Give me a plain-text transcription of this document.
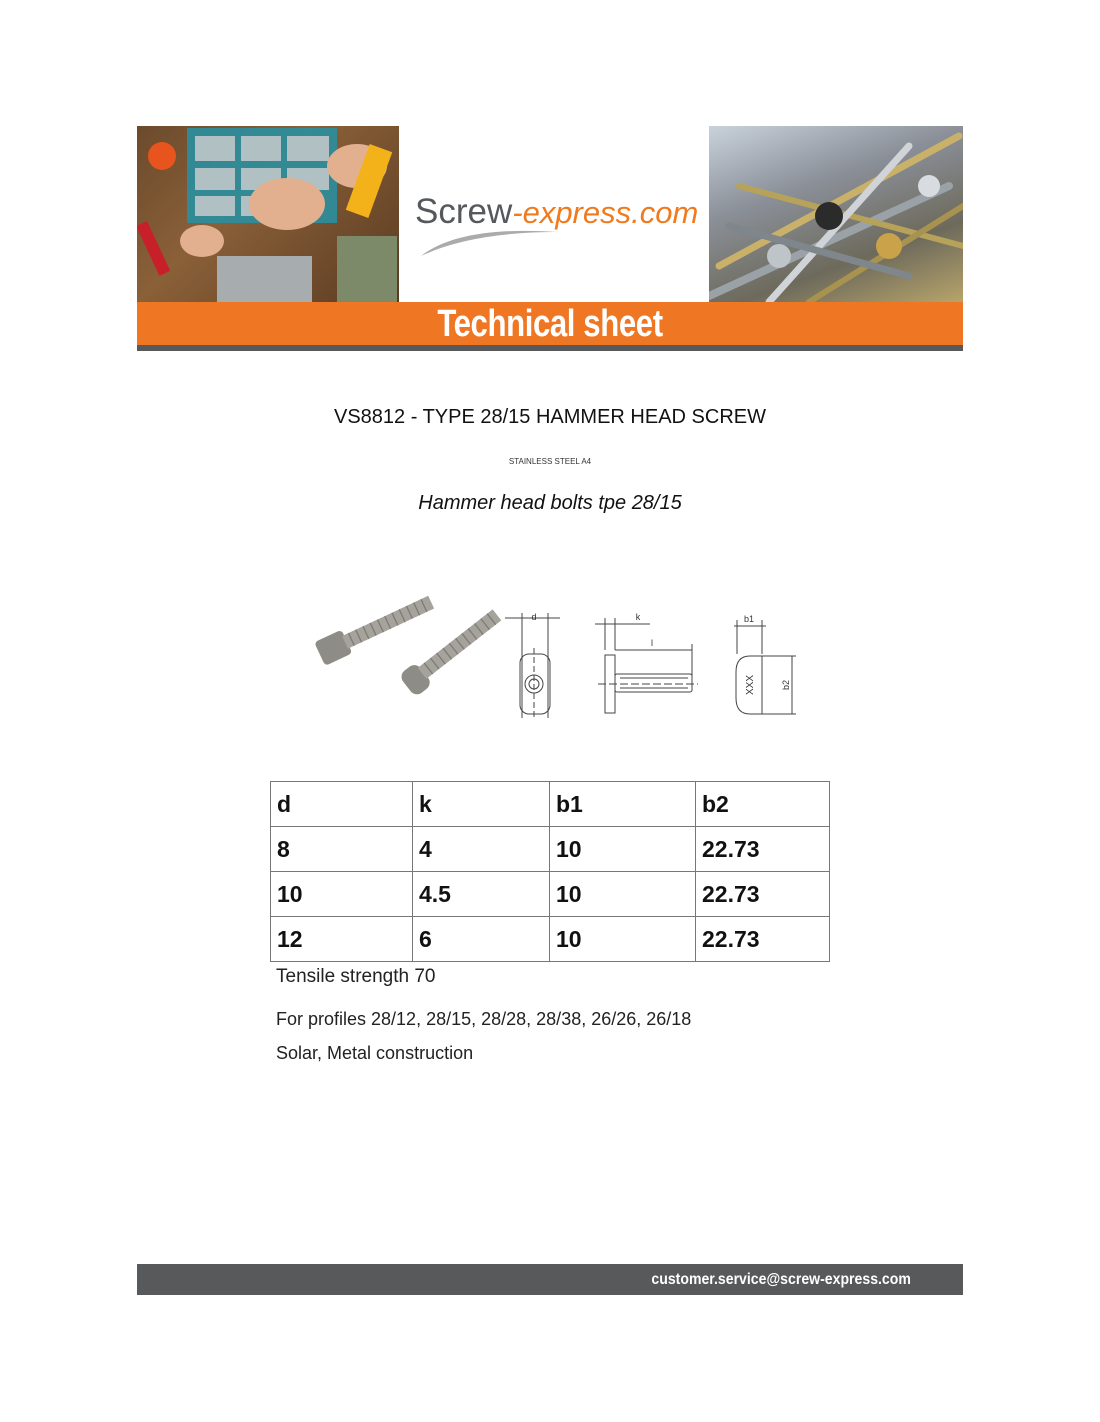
Screw-express.com
Technical sheet
VS8812 - TYPE 28/15 HAMMER HEAD SCREW
STAINLESS STEEL A4
Hammer head bolts tpe 28/15
d	k
l
b1
b2
XXX
d	k	b1	b2
8	4	10	22.73
10	4.5	10	22.73
12	6	10	22.73
Tensile strength 70
For profiles 28/12, 28/15, 28/28, 28/38, 26/26, 26/18
Solar, Metal construction
customer.service@screw-express.com
